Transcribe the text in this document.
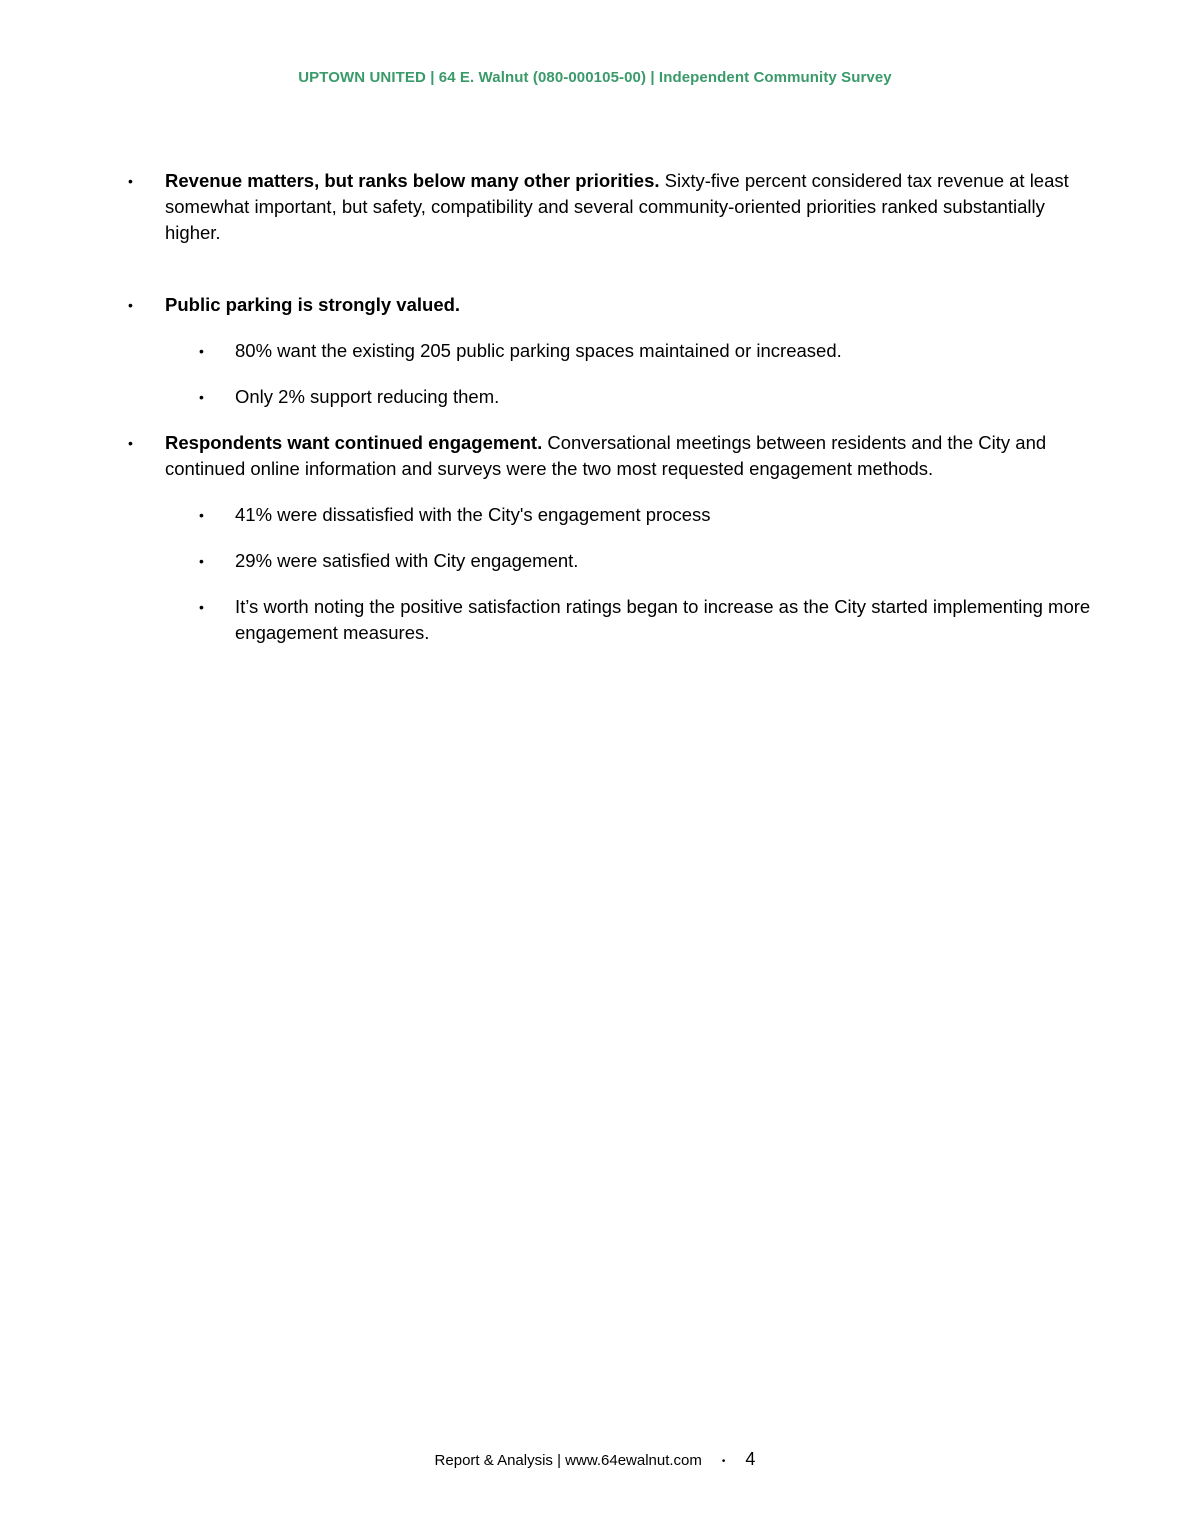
UPTOWN UNITED | 64 E. Walnut (080-000105-00) | Independent Community Survey
• Revenue matters, but ranks below many other priorities. Sixty-five percent considered tax revenue at least somewhat important, but safety, compatibility and several community-oriented priorities ranked substantially higher.
• Public parking is strongly valued.
• 80% want the existing 205 public parking spaces maintained or increased.
• Only 2% support reducing them.
• Respondents want continued engagement. Conversational meetings between residents and the City and continued online information and surveys were the two most requested engagement methods.
• 41% were dissatisfied with the City's engagement process
• 29% were satisfied with City engagement.
• It’s worth noting the positive satisfaction ratings began to increase as the City started implementing more engagement measures.
Report & Analysis | www.64ewalnut.com • 4
